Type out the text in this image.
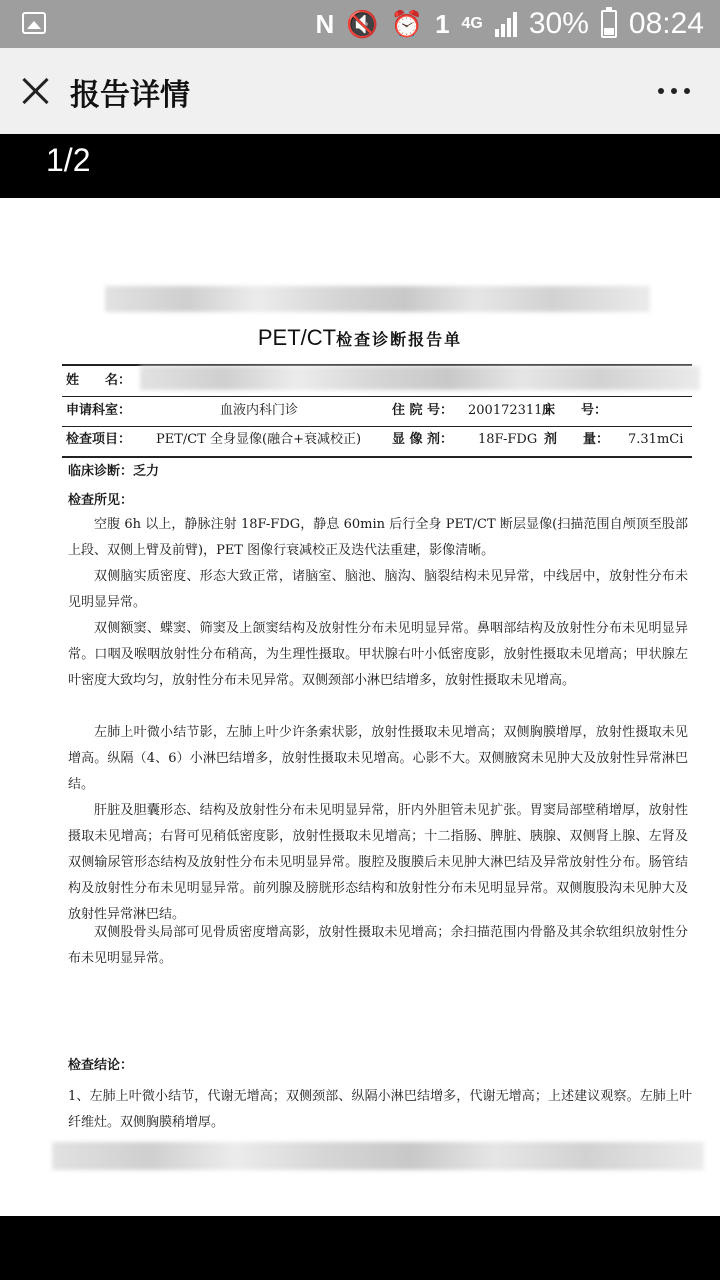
N 🔇 ⏰ 1 4G 30% 08:24
报告详情
1/2
PET/CT检查诊断报告单
姓　　名：
申请科室：	血液内科门诊	住 院 号： 2001723111
床　　号：
检查项目： PET/CT 全身显像(融合+衰减校正) 显 像 剂： 18F-FDG 剂　　量： 7.31mCi
临床诊断：乏力
检查所见：
空腹 6h 以上，静脉注射 18F-FDG，静息 60min 后行全身 PET/CT 断层显像(扫描范围自颅顶至股部上段、双侧上臂及前臂)，PET 图像行衰减校正及迭代法重建，影像清晰。
双侧脑实质密度、形态大致正常，诸脑室、脑池、脑沟、脑裂结构未见异常，中线居中，放射性分布未见明显异常。
双侧额窦、蝶窦、筛窦及上颌窦结构及放射性分布未见明显异常。鼻咽部结构及放射性分布未见明显异常。口咽及喉咽放射性分布稍高，为生理性摄取。甲状腺右叶小低密度影，放射性摄取未见增高；甲状腺左叶密度大致均匀，放射性分布未见异常。双侧颈部小淋巴结增多，放射性摄取未见增高。
左肺上叶微小结节影，左肺上叶少许条索状影，放射性摄取未见增高；双侧胸膜增厚，放射性摄取未见增高。纵隔（4、6）小淋巴结增多，放射性摄取未见增高。心影不大。双侧腋窝未见肿大及放射性异常淋巴结。
肝脏及胆囊形态、结构及放射性分布未见明显异常，肝内外胆管未见扩张。胃窦局部壁稍增厚，放射性摄取未见增高；右肾可见稍低密度影，放射性摄取未见增高；十二指肠、脾脏、胰腺、双侧肾上腺、左肾及双侧输尿管形态结构及放射性分布未见明显异常。腹腔及腹膜后未见肿大淋巴结及异常放射性分布。肠管结构及放射性分布未见明显异常。前列腺及膀胱形态结构和放射性分布未见明显异常。双侧腹股沟未见肿大及放射性异常淋巴结。
双侧股骨头局部可见骨质密度增高影，放射性摄取未见增高；余扫描范围内骨骼及其余软组织放射性分布未见明显异常。
检查结论：
1、左肺上叶微小结节，代谢无增高；双侧颈部、纵隔小淋巴结增多，代谢无增高；上述建议观察。左肺上叶纤维灶。双侧胸膜稍增厚。
